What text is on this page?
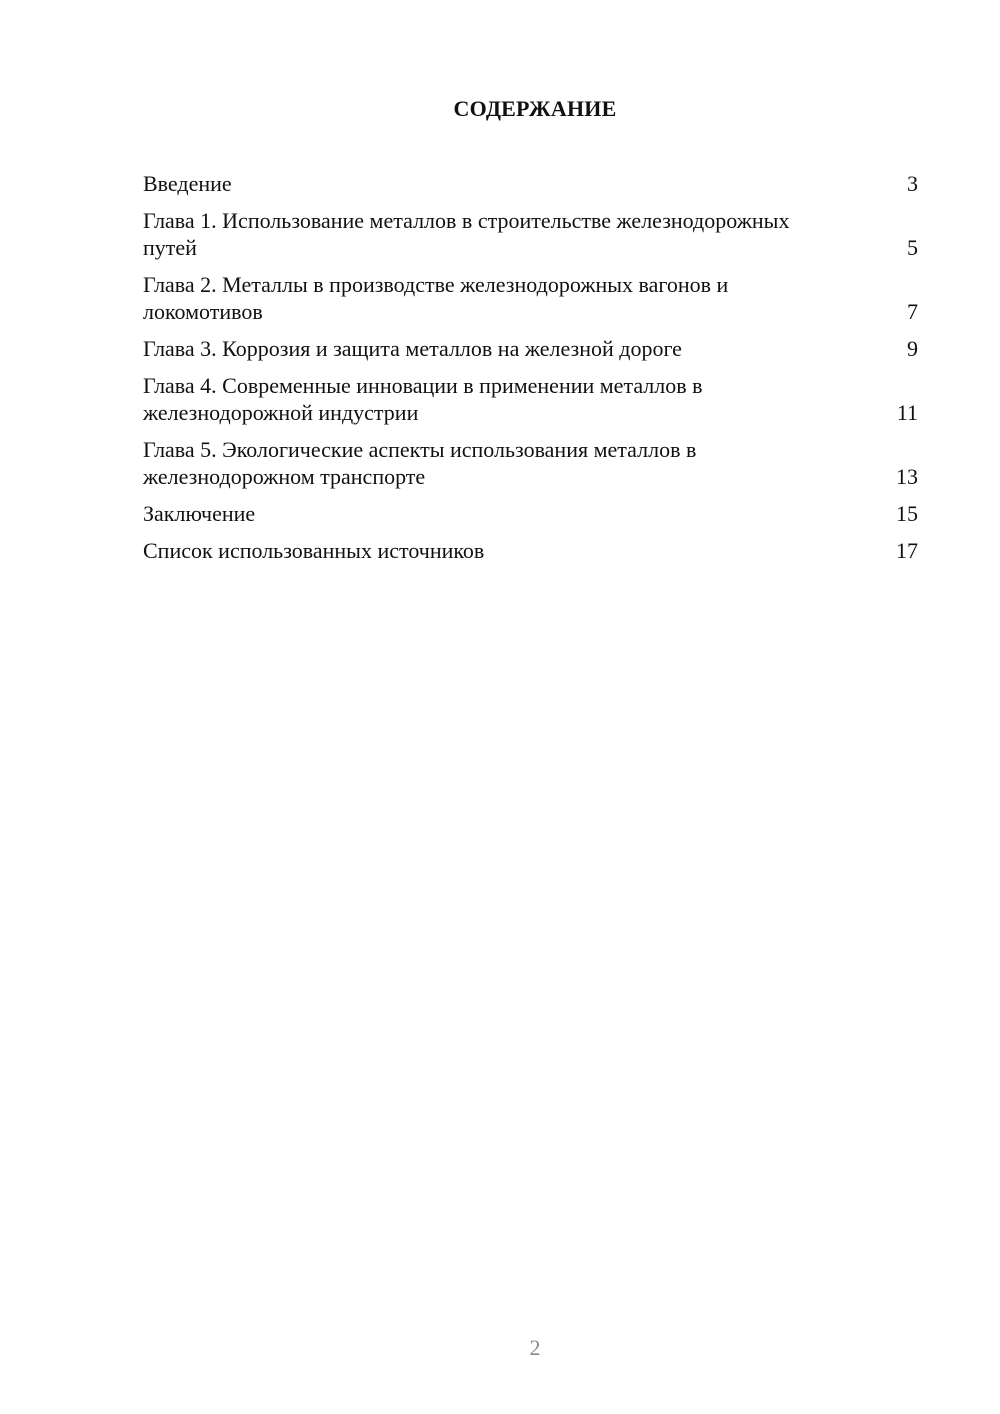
СОДЕРЖАНИЕ
Введение	3
Глава 1. Использование металлов в строительстве железнодорожных путей	5
Глава 2. Металлы в производстве железнодорожных вагонов и локомотивов	7
Глава 3. Коррозия и защита металлов на железной дороге	9
Глава 4. Современные инновации в применении металлов в железнодорожной индустрии	11
Глава 5. Экологические аспекты использования металлов в железнодорожном транспорте	13
Заключение	15
Список использованных источников	17
2
